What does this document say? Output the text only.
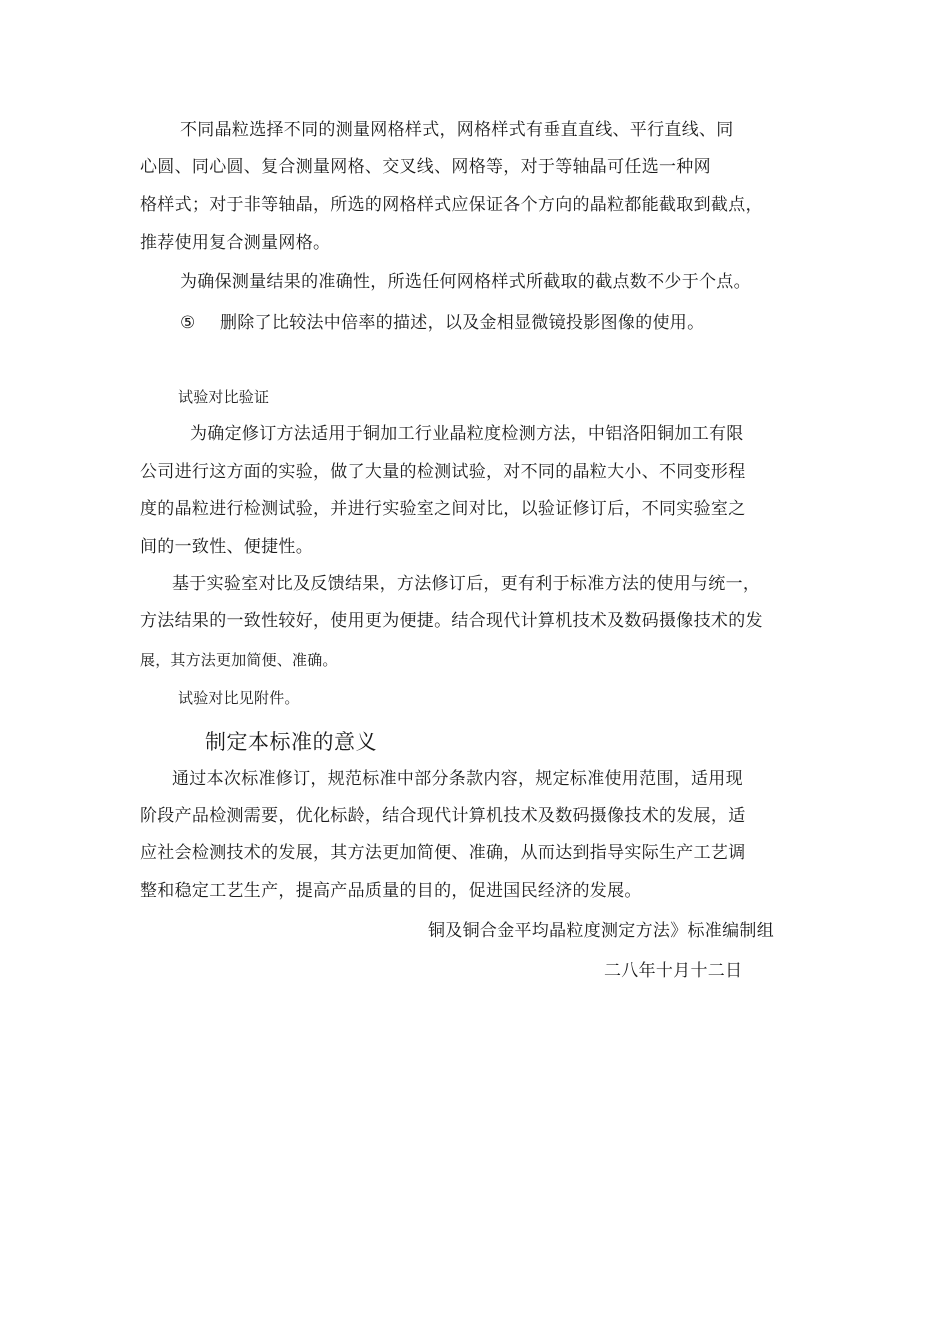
不同晶粒选择不同的测量网格样式，网格样式有垂直直线、平行直线、同
心圆、同心圆、复合测量网格、交叉线、网格等，对于等轴晶可任选一种网
格样式；对于非等轴晶，所选的网格样式应保证各个方向的晶粒都能截取到截点，
推荐使用复合测量网格。
为确保测量结果的准确性，所选任何网格样式所截取的截点数不少于个点。
⑤ 删除了比较法中倍率的描述，以及金相显微镜投影图像的使用。
试验对比验证
为确定修订方法适用于铜加工行业晶粒度检测方法，中铝洛阳铜加工有限
公司进行这方面的实验，做了大量的检测试验，对不同的晶粒大小、不同变形程
度的晶粒进行检测试验，并进行实验室之间对比，以验证修订后，不同实验室之
间的一致性、便捷性。
基于实验室对比及反馈结果，方法修订后，更有利于标准方法的使用与统一，
方法结果的一致性较好，使用更为便捷。结合现代计算机技术及数码摄像技术的发
展，其方法更加简便、准确。
试验对比见附件。
制定本标准的意义
通过本次标准修订，规范标准中部分条款内容，规定标准使用范围，适用现
阶段产品检测需要，优化标龄，结合现代计算机技术及数码摄像技术的发展，适
应社会检测技术的发展，其方法更加简便、准确，从而达到指导实际生产工艺调
整和稳定工艺生产，提高产品质量的目的，促进国民经济的发展。
铜及铜合金平均晶粒度测定方法》标准编制组
二八年十月十二日
